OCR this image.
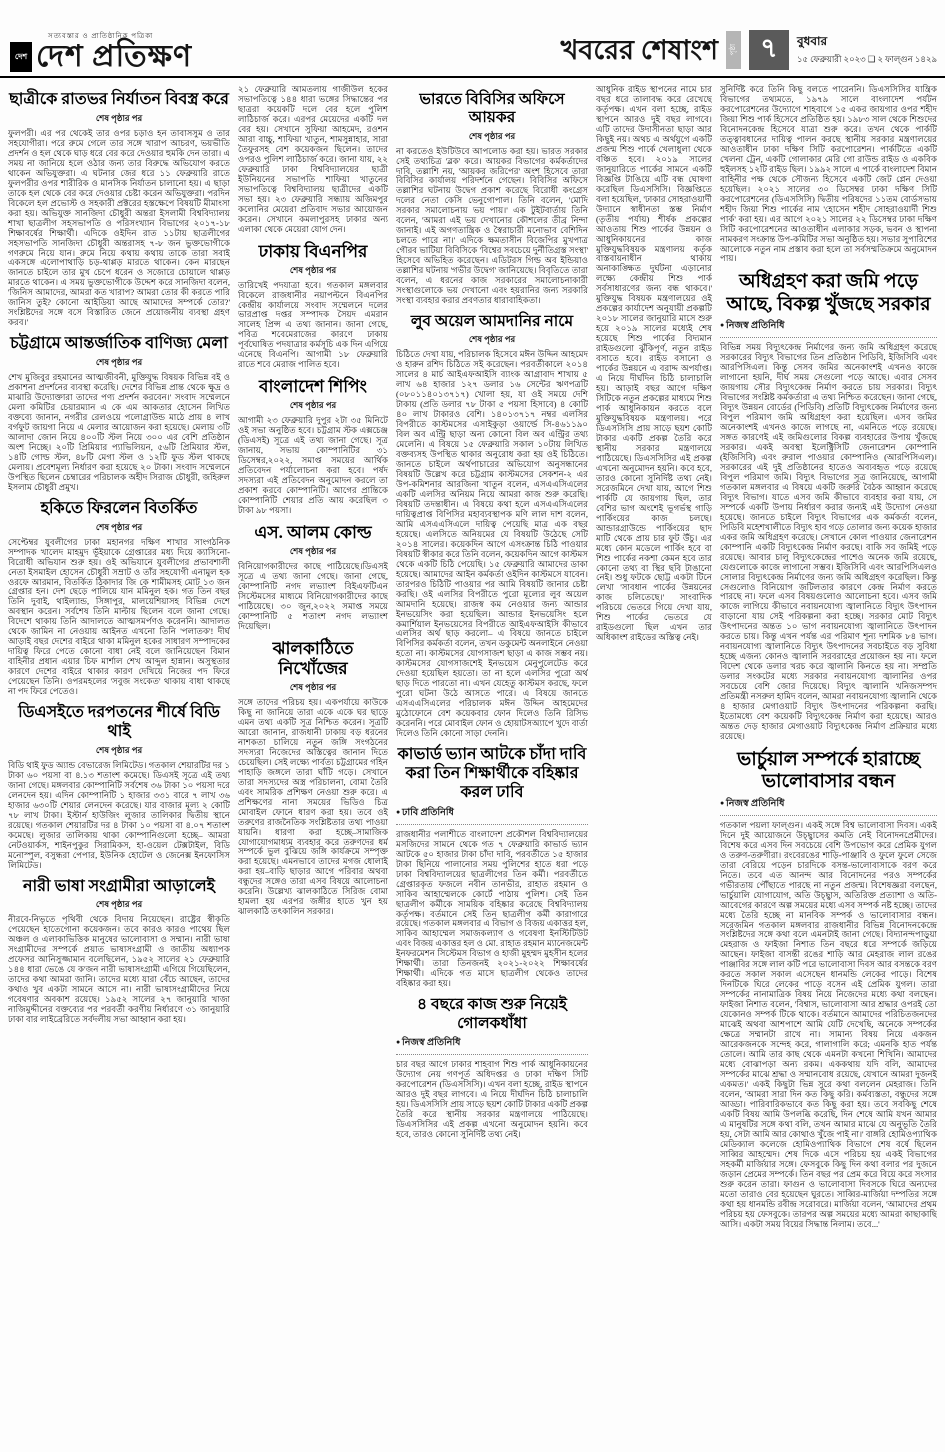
সত্যবস্তার ও প্রাতিষ্ঠানিক পত্রিকা
দেশ দেশ প্রতিক্ষণ	খবরের শেষাংশ পৃষ্ঠা ৭ বুধবার
১৫ ফেব্রুয়ারী ২০২৩ ❑ ২ ফাল্গুন ১৪২৯
ছাত্রীকে রাতভর নির্যাতন বিবস্ত্র করে
শেষ পৃষ্ঠার পর

ফুলপরী। এর পর থেকেই তার ওপর চড়াও হন তাবাসসুম ও তার সহযোগীরা। পরে রুমে গেলে তার সঙ্গে খারাপ আচরণ, ভয়ভীতি প্রদর্শন ও হল থেকে ঘাড় ধরে বের করে দেওয়ার হুমকি দেন তারা। এ সময় না জানিয়ে হলে ওঠার জন্য তার বিরুদ্ধে অভিযোগ করতে থাকেন অভিযুক্তরা। এ ঘটনার জের ধরে ১১ ফেব্রুয়ারি রাতে ফুলপরীর ওপর শারীরিক ও মানসিক নির্যাতন চালানো হয়। এ ছাড়া তাকে হল থেকে বের করে দেওয়ার চেষ্টা করেন অভিযুক্তরা। পরদিন বিকেলে হল প্রভোস্ট ও সহকারী প্রক্টরের হস্তক্ষেপে বিষয়টি মীমাংসা করা হয়। অভিযুক্ত সানজিদা চৌধুরী অন্তরা ইসলামী বিশ্ববিদ্যালয় শাখা ছাত্রলীগ সহসভাপতি ও পরিসংখ্যান বিভাগের ২০১৭-১৮ শিক্ষাবর্ষের শিক্ষার্থী। এদিকে ওইদিন রাত ১১টায় ছাত্রলীগের সহসভাপতি সানজিদা চৌধুরী অন্তরাসহ ৭-৮ জন ভুক্তভোগীকে গণরুমে নিয়ে যান। রুমে নিয়ে কথায় কথায় তাকে তারা সবাই একসঙ্গে এলোপাথাড়ি চড়-থাপ্পড় মারতে থাকেন। কেন মারছেন জানতে চাইলে তার মুখ চেপে ধরেন ও সজোরে চোয়ালে থাপ্পড় মারতে থাকেন। এ সময় ভুক্তভোগীকে উদ্দেশ করে সানজিদা বলেন, 'জিনিস আমাদের, আমরা কত খারাপ? আমরা তোর কী করতে পারি জানিস তুই? কোনো আইডিয়া আছে আমাদের সম্পর্কে তোর?' সংশ্লিষ্টদের সঙ্গে বসে বিস্তারিত জেনে প্রয়োজনীয় ব্যবস্থা গ্রহণ করব।'

চট্টগ্রামে আন্তর্জাতিক বাণিজ্য মেলা
শেষ পৃষ্ঠার পর

শেখ মুজিবুর রহমানের আত্মজীবনী, মুক্তিযুদ্ধ বিষয়ক বিভিন্ন বই ও প্রকাশনা প্রদর্শনের ব্যবস্থা করেছি। দেশের বিভিন্ন প্রান্ত থেকে ক্ষুদ্র ও মাঝারি উদ্যোক্তারা তাদের পণ্য প্রদর্শন করবেন।' সংবাদ সম্মেলনে মেলা কমিটির চেয়ারম্যান এ কে এম আকতার হোসেন লিখিত বক্তব্যে জানান, নগরীর রেলওয়ে পলোগ্রাউন্ড মাঠে প্রায় ৪ লাখ বর্গফুট জায়গা নিয়ে এ মেলার আয়োজন করা হয়েছে। মেলায় ৩টি আলাদা জোন নিয়ে ৪০০টি স্টল নিয়ে ৩০০ এর বেশি প্রতিষ্ঠান অংশ নিচ্ছে। ২০টি প্রিমিয়ার প্যাভিলিয়ন, ৫৬টি প্রিমিয়ার স্টল, ১৪টি গোল্ড স্টল, ৪৮টি মেগা স্টল ও ১২টি ফুড স্টল থাকছে মেলায়। প্রবেশমূল্য নির্ধারণ করা হয়েছে ২০ টাকা। সংবাদ সম্মেলনে উপস্থিত ছিলেন চেম্বারের পরিচালক অহীদ সিরাজ চৌধুরী, জহিরুল ইসলাম চৌধুরী প্রমুখ।

হকিতে ফিরলেন বিতর্কিত
শেষ পৃষ্ঠার পর

সেপ্টেম্বর যুবলীগের ঢাকা মহানগর দক্ষিণ শাখার সাংগঠনিক সম্পাদক খালেদ মাহমুদ ভূঁইয়াকে গ্রেপ্তারের মধ্য দিয়ে ক্যাসিনো-বিরোধী অভিযান শুরু হয়। ওই অভিযানে যুবলীগের প্রভাবশালী নেতা ইসমাইল হোসেন চৌধুরী সম্রাট ও তাঁর সহযোগী এনামুল হক ওরফে আরমান, বিতর্কিত ঠিকাদার জি কে শামীমসহ মোট ১৩ জন গ্রেপ্তার হন। দেশ ছেড়ে পালিয়ে যান মমিনুল হক। গত তিন বছর তিনি দুবাই, থাইল্যান্ড, সিঙ্গাপুর, মালয়েশিয়াসহ বিভিন্ন দেশে অবস্থান করেন। সর্বশেষ তিনি মাল্টায় ছিলেন বলে জানা গেছে। বিদেশে থাকায় তিনি আদালতে আত্মসমর্পণও করেননি। আদালত থেকে জামিন না নেওয়ায় আইনত এখনো তিনি 'পলাতক'! দীর্ঘ আড়াই বছর দেশের বাইরে থাকা মমিনুল হকের সাধারণ সম্পাদকের দায়িত্ব ফিরে পেতে কোনো বাধা নেই বলে জানিয়েছেন বিমান বাহিনীর প্রধান এয়ার চিফ মার্শাল শেখ আব্দুল হান্নান। অসুস্থতার কারণে দেশের বাইরে থাকার কারণ দেখিয়ে নিজের পদ ফিরে পেয়েছেন তিনি। ওপরমহলের 'সবুজ সংকেত' থাকায় বাধা থাকছে না পদ ফিরে পেতেও।

ডিএসইতে দরপতনের শীর্ষে বিডি থাই
শেষ পৃষ্ঠার পর

বিডি থাই ফুড অ্যান্ড বেভারেজ লিমিটেড। গতকাল শেয়ারটির দর ১ টাকা ৬০ পয়সা বা ৪.১৩ শতাংশ কমেছে। ডিএসই সূত্রে এই তথ্য জানা গেছে। মঙ্গলবার কোম্পানিটি সর্বশেষ ৩৬ টাকা ১০ পয়সা দরে লেনদেন হয়। এদিন কোম্পানিটি ১ হাজার ৩৩১ বারে ৭ লাখ ৩৬ হাজার ৬৩০টি শেয়ার লেনদেন করেছে। যার বাজার মূল্য ২ কোটি ৭৮ লাখ টাকা। ইস্টার্ন হাউজিং লুজার তালিকার দ্বিতীয় স্থানে রয়েছে। গতকাল শেয়ারটির দর ৪ টাকা ১০ পয়সা বা ৪.০৭ শতাংশ কমেছে। লুজার তালিকায় থাকা কোম্পানিগুলো হচ্ছে– আমরা নেটওয়ার্কস, শাইনপুকুর সিরামিকস, হা-ওয়েল টেক্সটাইল, বিডি মনোস্পুল, বসুন্ধরা পেপার, ইউনিক হোটেল ও জেনেক্স ইনফোসিস লিমিটেড।

নারী ভাষা সংগ্রামীরা আড়ালেই
শেষ পৃষ্ঠার পর

নীরবে-নিভৃতে পৃথিবী থেকে বিদায় নিয়েছেন। রাষ্ট্রের স্বীকৃতি পেয়েছেন হাতেগোনা কয়েকজন। তবে কারও কারও পাথেয় ছিল অঞ্চল ও এলাকাভিত্তিক মানুষের ভালোবাসা ও সম্মান। নারী ভাষা সংগ্রামীদের সম্পর্কে প্রয়াত ভাষাসংগ্রামী ও জাতীয় অধ্যাপক প্রফেসর আনিসুজ্জামান বলেছিলেন, ১৯৫২ সালের ২১ ফেব্রুয়ারি ১৪৪ ধারা ভেঙে যে ক'জন নারী ভাষাসংগ্রামী এগিয়ে গিয়েছিলেন, তাদের কথা আমরা জানি। তাদের মধ্যে যারা বেঁচে আছেন, তাদের কথাও খুব একটা সামনে আসে না। নারী ভাষাসংগ্রামীদের নিয়ে গবেষণার অবকাশ রয়েছে। ১৯৫২ সালের ২৭ জানুয়ারি খাজা নাজিমুদ্দীনের বক্তব্যের পর পরবর্তী করণীয় নির্ধারণে ৩১ জানুয়ারি ঢাকা বার লাইব্রেরিতে সর্বদলীয় সভা আহ্বান করা হয়।

২১ ফেব্রুয়ারি আমতলায় গাজীউল হকের সভাপতিত্বে ১৪৪ ধারা ভঙ্গের সিদ্ধান্তের পর ছাত্ররা কয়েকটি দলে বের হলে পুলিশ লাঠিচার্জ করে। এরপর মেয়েদের একটি দল বের হয়। সেখানে সুফিয়া আহমেদ, রওশন আরা বাচ্চু, শাফিয়া খাতুন, শামসুন্নাহার, সারা তৈফুরসহ বেশ কয়েকজন ছিলেন। তাদের ওপরও পুলিশ লাঠিচার্জ করে। জানা যায়, ২২ ফেব্রুয়ারি ঢাকা বিশ্ববিদ্যালয়ের ছাত্রী ইউনিয়নের সভাপতি শাফিয়া খাতুনের সভাপতিত্বে বিশ্ববিদ্যালয় ছাত্রীদের একটি সভা হয়। ২৩ ফেব্রুয়ারি সন্ধ্যায় অজিমপুর কলোনির মেয়েরা প্রতিবাদ সভার আয়োজন করেন। সেখানে কমলাপুরসহ ঢাকার অন্য এলাকা থেকে মেয়েরা যোগ দেন।

ঢাকায় বিএনপির
শেষ পৃষ্ঠার পর

তারিখেই পদযাত্রা হবে। গতকাল মঙ্গলবার বিকেলে রাজধানীর নয়াপল্টনে বিএনপির কেন্দ্রীয় কার্যালয়ে সংবাদ সম্মেলনে দলের ভারপ্রাপ্ত দপ্তর সম্পাদক সৈয়দ এমরান সালেহ প্রিন্স এ তথ্য জানান। জানা গেছে, পবিত্র শবেমেরাজের কারণে ঢাকায় পূর্বঘোষিত পদযাত্রার কর্মসূচি এক দিন এগিয়ে এনেছে বিএনপি। আগামী ১৮ ফেব্রুয়ারি রাতে শবে মেরাজ পালিত হবে।

বাংলাদেশ শিপিং
শেষ পৃষ্ঠার পর

আগামী ২৩ ফেব্রুয়ারি দুপুর ২টা ৩৫ মিনিটে ওই সভা অনুষ্ঠিত হবে। চট্টগ্রাম স্টক এক্সচেঞ্জ (ডিএসই) সূত্রে এই তথ্য জানা গেছে। সূত্র জানায়, সভায় কোম্পানিটির ৩১ ডিসেম্বর,২০২২, সমাপ্ত সময়ের আর্থিক প্রতিবেদন পর্যালোচনা করা হবে। পর্ষদ সদস্যরা এই প্রতিবেদন অনুমোদন করলে তা প্রকাশ করবে কোম্পানিটি। আগের প্রান্তিকে কোম্পানিটি শেয়ার প্রতি আয় করেছিল ৩ টাকা ৯৮ পয়সা।

এস. আলম কোল্ড
শেষ পৃষ্ঠার পর

বিনিয়োগকারীদের কাছে পাঠিয়েছে।ডিএসই সূত্রে এ তথ্য জানা গেছে। জানা গেছে, কোম্পানিটি নগদ লভ্যাংশ বিইএফটিএন সিস্টেমসের মাধ্যমে বিনিয়োগকারীদের কাছে পাঠিয়েছে। ৩০ জুন,২০২২ সমাপ্ত সময়ে কোম্পানিটি ৫ শতাংশ নগদ লভ্যাংশ দিয়েছিল।

ঝালকাঠিতে নিখোঁজের
শেষ পৃষ্ঠার পর

সঙ্গে তাদের পরিচয় হয়। একপর্যায়ে কাউকে কিছু না জানিয়ে তারা একে একে ঘর ছাড়ে এমন তথ্য একটি সূত্র নিশ্চিত করেন। সূত্রটি আরো জানান, রাজধানী ঢাকায় বড় ধরনের নাশকতা চালিয়ে নতুন জঙ্গি সংগঠনের সদস্যরা নিজেদের অস্তিত্বের জানান দিতে চেয়েছিল। সেই লক্ষ্যে পার্বত্য চট্টগ্রামের গহিন পাহাড়ি জঙ্গলে তারা ঘাঁটি গড়ে। সেখানে তারা সদস্যদের অস্ত্র পরিচালনা, বোমা তৈরি এবং সামরিক প্রশিক্ষণ নেওয়া শুরু করে। এ প্রশিক্ষণের নানা সময়ের ভিডিও চিত্র মোবাইল ফোনে ধারণ করা হয়। তবে ওই তরুণের রাজনৈতিক সংশ্লিষ্টতার তথ্য পাওয়া যায়নি। ধারণা করা হচ্ছে–সামাজিক যোগাযোগমাধ্যম ব্যবহার করে তরুণদের ধর্ম সম্পর্কে ভুল বুঝিয়ে জঙ্গি কার্যক্রমে সম্পৃক্ত করা হয়েছে। এমনভাবে তাদের মগজ ধোলাই করা হয়–বাড়ি ছাড়ার আগে পরিবার অথবা বন্ধুদের সঙ্গেও তারা এসব বিষয়ে আলোচনা করেনি। উল্লেখ্য ঝালকাঠিতে সিরিজ বোমা হামলা হয় এরপর জঙ্গীর হাতে খুন হয় ঝালকাঠি তৎকালিন সরকার।

ভারতে বিবিসির অফিসে আয়কর
শেষ পৃষ্ঠার পর

না করতেও ইউটিউবে আপলোড করা হয়। ভারত সরকার সেই তথ্যচিত্র 'ব্লক' করে। আয়কর বিভাগের কর্মকর্তাদের দাবি, তল্লাশি নয়, 'আয়কর জরিপের' অংশ হিসেবে তারা বিবিসির কার্যালয় পরিদর্শনে গেছেন। বিবিসির অফিসে তল্লাশির ঘটনায় উদ্বেগ প্রকাশ করেছে বিরোধী কংগ্রেস দলের নেতা কেসি ভেনুগোপাল। তিনি বলেন, 'মোদি সরকার সমালোচনায় ভয় পায়।' এক টুইটবার্তায় তিনি বলেন, 'আমরা এই ভয় দেখানোর কৌশলের তীব্র নিন্দা জানাই। এই অগণতান্ত্রিক ও স্বৈরাচারী মনোভাব বেশিদিন চলতে পারে না।' এদিকে ক্ষমতাসীন বিজেপির মুখপাত্র গৌরব ভাটিয়া বিবিসিকে 'বিশ্বের সবচেয়ে দুর্নীতিগ্রস্ত সংস্থা' হিসেবে অভিহিত করেছেন। এডিটরস গিল্ড অব ইন্ডিয়াও তল্লাশির ঘটনায় 'গভীর উদ্বেগ' জানিয়েছে। বিবৃতিতে তারা বলেন, এ ধরনের কাজ সরকারের সমালোচনাকারী সংস্থাগুলোকে ভয় দেখানো এবং হয়রানির জন্য সরকারি সংস্থা ব্যবহার করার প্রবণতার ধারাবাহিকতা।

লুব অয়েল আমদানির নামে
শেষ পৃষ্ঠার পর

চিঠিতে দেখা যায়, পরিচালক হিসেবে মঈন উদ্দিন আহমেদ ও হারুন রশিদ চিঠিতে সই করেছেন। পরবর্তীকালে ২০১৪ সালের ৪ মার্চ আইএফআইসি ব্যাংক আগ্রাবাদ শাখায় ৫ লাখ ৬৪ হাজার ১২৭ ডলার ১৬ সেন্টের ঋণপত্রটি (০৮০১১৪০১৩৭১৭) খোলা হয়, যা ওই সময়ে দেশি টাকায় (প্রতি ডলার ৭৮ টাকা ৫ পয়সা হিসাবে) ৪ কোটি ৪০ লাখ টাকারও বেশি। ১৪০১৩৭১৭ নম্বর এলসির বিপরীতে কাস্টমসের এসাইকুড়া ওয়ার্ল্ডে সি-৪৬১১৯০ বিল অব এন্ট্রি ছাড়া অন্য কোনো বিল অব এন্ট্রির তথ্য মেলেনি। এ বিষয়ে ১৫ ফেব্রুয়ারি সকাল ১০টায় লিখিত বক্তব্যসহ উপস্থিত থাকার অনুরোধ করা হয় ওই চিঠিতে। জানতে চাইলে অর্থপাচারের অভিযোগ অনুসন্ধানের বিষয়টি উল্লেখ করে চট্টগ্রাম কাস্টমসের সেকশন-২ এর উপ-কমিশনার আরজিনা খাতুন বলেন, এসএএসিএলের একটি এলসির অনিয়ম নিয়ে আমরা কাজ শুরু করেছি। বিষয়টি তদন্তাধীন। এ বিষয়ে কথা হলে এসএএসিএলের দায়িত্বপ্রাপ্ত বিপিসির মহাব্যবস্থাপক মণি লাল দাশ বলেন, আমি এসএএসিএলে দায়িত্ব পেয়েছি মাত্র এক বছর হয়েছে। এলসিতে অনিয়মের যে বিষয়টি উঠেছে সেটি ২০১৪ সালের। কয়েকদিন আগে এসংক্রান্ত চিঠি পাওয়ার বিষয়টি স্বীকার করে তিনি বলেন, কয়েকদিন আগে কাস্টমস থেকে একটি চিঠি পেয়েছি। ১৫ ফেব্রুয়ারি আমাদের ডাকা হয়েছে। আমাদের আইন কর্মকর্তা ওইদিন কাস্টমসে যাবেন। তারপরও চিঠিটি পাওয়ার পর আমি বিষয়টি জানার চেষ্টা করছি। ওই এলসির বিপরীতে পুরো মূল্যের লুব অয়েল আমদানি হয়েছে। রাজস্ব কম নেওয়ার জন্য আন্ডার ইনভয়েসিং করা হয়েছিল। আন্ডার ইনভয়েসিং হলে কমার্শিয়াল ইনভয়েসের বিপরীতে আইএফআইসি কীভাবে এলসির অর্থ ছাড় করলো– এ বিষয়ে জানতে চাইলে বিপিসির কর্মকর্তা বলেন, তখন ডকুমেন্ট অনলাইনে নেওয়া হতো না। কাস্টমসের যোগসাজশ ছাড়া এ কাজ সম্ভব নয়। কাস্টমসের যোগসাজশেই ইনভয়েস মেনুপুলেটেড করে দেওয়া হয়েছিল হয়তো। তা না হলে এলসির পুরো অর্থ ছাড় দিতে পারতো না। এখন যেহেতু কাস্টমস করছে, ফলে পুরো ঘটনা উঠে আসতে পারে। এ বিষয়ে জানতে এসএএসিএলের পরিচালক মঈন উদ্দিন আহমেদের মুঠোফোনে বেশ কয়েকবার ফোন দিলেও তিনি রিসিভ করেননি। পরে মোবাইল ফোন ও হোয়াটসঅ্যাপে খুদে বার্তা দিলেও তিনি কোনো সাড়া দেননি।

কাভার্ড ভ্যান আটকে চাঁদা দাবি করা তিন শিক্ষার্থীকে বহিষ্কার করল ঢাবি
● ঢাবি প্রতিনিধি

রাজধানীর পলাশীতে বাংলাদেশ প্রকৌশল বিশ্ববিদ্যালয়ের মসজিদের সামনে থেকে গত ৭ ফেব্রুয়ারি কাভার্ড ভ্যান আটকে ৫০ হাজার টাকা চাঁদা দাবি, পরবর্তীতে ১৫ হাজার টাকা ছিনিয়ে পালানোর সময় পুলিশের হাতে ধরা পড়ে ঢাকা বিশ্ববিদ্যালয়ের ছাত্রলীগের তিন কর্মী। পরবর্তীতে গ্রেপ্তারকৃত ফজলে নবীন তানভীর, রাহাত রহমান ও সাকিব আহাম্মেলকে কোর্টে পাঠায় পুলিশ। সেই তিন ছাত্রলীগ কর্মীকে সাময়িক বহিষ্কার করেছে বিশ্ববিদ্যালয় কর্তৃপক্ষ। বর্তমানে সেই তিন ছাত্রলীগ কর্মী কারাগারে রয়েছে। গতকাল মঙ্গলবার এ বিভাগ ও বিজয় একাত্তর হল, সাকিব আহাম্মেল সমাজকল্যাণ ও গবেষণা ইনস্টিটিউট এবং বিজয় একাত্তর হল ও মো. রাহাত রহমান ম্যানেজমেন্ট ইনফরমেশন সিস্টেমস বিভাগ ও হাজী মুহম্মদ মুহসীন হলের শিক্ষার্থী। তারা তিনজনই ২০২১-২০২২ শিক্ষাবর্ষের শিক্ষার্থী। এদিকে গত মাসে ছাত্রলীগ থেকেও তাদের বহিষ্কার করা হয়।

৪ বছরে কাজ শুরু নিয়েই গোলকধাঁধা
● নিজস্ব প্রতিনিধি

চার বছর আগে ঢাকার শাহবাগ শিশু পার্ক আধুনিকায়নের উদ্যোগ নেয় গণপূর্ত অধিদপ্তর ও ঢাকা দক্ষিণ সিটি করপোরেশন (ডিএসসিসি)। এখন বলা হচ্ছে, রাইড স্থাপনে আরও দুই বছর লাগবে। এ নিয়ে দীর্ঘদিন চিঠি চালাচালি হয়। ডিএসসিসি প্রায় সাড়ে ছয়শ কোটি টাকার একটি প্রকল্প তৈরি করে স্থানীয় সরকার মন্ত্রণালয়ে পাঠিয়েছে। ডিএসসিসির এই প্রকল্প এখনো অনুমোদন হয়নি। কবে হবে, তারও কোনো সুনির্দিষ্ট তথ্য নেই।

আধুনিক রাইড স্থাপনের নামে চার বছর ধরে তালাবদ্ধ করে রেখেছে কর্তৃপক্ষ। এখন বলা হচ্ছে, রাইড স্থাপনে আরও দুই বছর লাগবে। এটি তাদের উদাসীনতা ছাড়া আর কিছুই নয়। অথচ এ অর্থযুগে একটি প্রজন্ম শিশু পার্কে খেলাধুলা থেকে বঞ্চিত হবে। ২০১৯ সালের জানুয়ারিতে পার্কের সামনে একটি বিজ্ঞপ্তি টাঙিয়ে এটি বন্ধ ঘোষণা করেছিল ডিএসসিসি। বিজ্ঞপ্তিতে বলা হয়েছিল, 'ঢাকার সোহরাওয়ার্দী উদ্যানে স্বাধীনতা স্তম্ভ নির্মাণ (তৃতীয় পর্যায়) শীর্ষক প্রকল্পের আওতায় শিশু পার্কের উন্নয়ন ও আধুনিকায়নের কাজ মুক্তিযুদ্ধবিষয়ক মন্ত্রণালয় কর্তৃক বাস্তবায়নাধীন থাকায় অনাকাঙ্ক্ষিত দুর্ঘটনা এড়ানোর লক্ষ্যে কেন্দ্রীয় শিশু পার্ক সর্বসাধারণের জন্য বন্ধ থাকবে।' মুক্তিযুদ্ধ বিষয়ক মন্ত্রণালয়ের ওই প্রকল্পের কার্যাদেশ অনুযায়ী প্রকল্পটি ২০১৮ সালের জানুয়ারি মাসে শুরু হয়ে ২০১৯ সালের মধ্যেই শেষ হয়েছে শিশু পার্কের বিদ্যমান রাইডগুলো ঝুঁকিপূর্ণ, নতুন রাইড বসাতে হবে। রাইড বসানো ও পার্কের উন্নয়নে এ বরাদ্দ অপর্যাপ্ত। এ নিয়ে দীর্ঘদিন চিঠি চালাচালি হয়। আড়াই বছর আগে দক্ষিণ সিটিকে নতুন প্রকল্পের মাধ্যমে শিশু পার্ক আধুনিকায়ন করতে বলে মুক্তিযুদ্ধবিষয়ক মন্ত্রণালয়। পরে ডিএসসিসি প্রায় সাড়ে ছয়শ কোটি টাকার একটি প্রকল্প তৈরি করে স্থানীয় সরকার মন্ত্রণালয়ে পাঠিয়েছে। ডিএসসিসির এই প্রকল্প এখনো অনুমোদন হয়নি। কবে হবে, তারও কোনো সুনির্দিষ্ট তথ্য নেই। সরেজমিনে দেখা যায়, আগে শিশু পার্কটি যে জায়গায় ছিল, তার বেশির ভাগ অংশেই ভূগর্ভস্থ গাড়ি পার্কিংয়ের কাজ চলছে। আন্ডারগ্রাউন্ডে পার্কিংয়ের ছাদ মাটি থেকে প্রায় চার ফুট উঁচু। এর মধ্যে কোন মডেলে পার্কিং হবে বা শিশু পার্কের নকশা কেমন হবে তার কোনো তথ্য বা স্থির ছবি টাঙানো নেই। শুধু ফটকে ছোট্ট একটা টিনে লেখা 'সাবধান পার্কের উন্নয়নের কাজ চলিতেছে।' সাংবাদিক পরিচয়ে ভেতরে গিয়ে দেখা যায়, শিশু পার্কের ভেতরে যে রাইডগুলো ছিল এখন তার অধিকাংশ রাইডের অস্তিত্ব নেই।

সুনির্দিষ্ট করে তিনি কিছু বলতে পারেননি। ডিএসসিসির যান্ত্রিক বিভাগের তথ্যমতে, ১৯৭৯ সালে বাংলাদেশ পর্যটন করপোরেশনের উদ্যোগে শাহবাগে ১৫ একর জায়গার ওপর শহীদ জিয়া শিশু পার্ক হিসেবে প্রতিষ্ঠিত হয়। ১৯৮৩ সাল থেকে শিশুদের বিনোদনকেন্দ্র হিসেবে যাত্রা শুরু করে। তখন থেকে পার্কটি তত্ত্বাবধানের দায়িত্ব পালন করছে স্থানীয় সরকার মন্ত্রণালয়ের আওতাধীন ঢাকা দক্ষিণ সিটি করপোরেশন। পার্কটিতে একটি খেলনা ট্রেন, একটি গোলাকার মেরি গো রাউন্ড রাইড ও একবিক হুইলসহ ১২টি রাইড ছিল। ১৯৯২ সালে এ পার্কে বাংলাদেশ বিমান বাহিনীর পক্ষ থেকে সৌজন্য হিসেবে একটি জেট প্লেন দেওয়া হয়েছিল। ২০২১ সালের ৩০ ডিসেম্বর ঢাকা দক্ষিণ সিটি করপোরেশনের (ডিএসসিসি) দ্বিতীয় পরিষদের ১১তম বোর্ডসভায় শহীদ জিয়া শিশু পার্কের নাম 'হোসেন শহীদ সোহরাওয়ার্দী শিশু পার্ক' করা হয়। এর আগে ২০২১ সালের ২২ ডিসেম্বর ঢাকা দক্ষিণ সিটি করপোরেশনের আওতাধীন এলাকার সড়ক, ভবন ও স্থাপনা নামকরণ সংক্রান্ত উপ-কমিটির সভা অনুষ্ঠিত হয়। সভার সুপারিশের আলোকে নতুন নাম প্রস্তাব করা হলে তা সর্বসম্মতিক্রমে অনুমোদন পায়।

অধিগ্রহণ করা জমি পড়ে আছে, বিকল্প খুঁজছে সরকার
● নিজস্ব প্রতিনিধি

বিভিন্ন সময় বিদ্যুৎকেন্দ্র নির্মাণের জন্য জমি অধিগ্রহণ করেছে সরকারের বিদ্যুৎ বিভাগের তিন প্রতিষ্ঠান পিডিবি, ইজিসিবি এবং আরপিসিএল। কিন্তু সেসব জমির অনেকাংশই এখনও কাজে লাগানো হয়নি, দীর্ঘ সময় সেগুলো পড়ে আছে। এবার সেসব জায়গায় সৌর বিদ্যুৎকেন্দ্র নির্মাণ করতে চায় সরকার। বিদ্যুৎ বিভাগের সংশ্লিষ্ট কর্মকর্তারা এ তথ্য নিশ্চিত করেছেন। জানা গেছে, বিদ্যুৎ উন্নয়ন বোর্ডের (পিডিবি) প্রতিটি বিদ্যুৎকেন্দ্র নির্মাণের জন্য বিপুল পরিমাণ জমি অধিগ্রহণ করা হয়েছিল। এসব জমির অনেকাংশই এখনও কাজে লাগছে না, এমনিতে পড়ে রয়েছে। সঙ্গত কারণেই এই জমিগুলোর বিকল্প ব্যবহারের উপায় খুঁজছে সরকার। একই অবস্থা ইলেক্ট্রিসিটি জেনারেশন কোম্পানি (ইজিসিবি) এবং রুরাল পাওয়ার কোম্পানিও (আরপিসিএল)। সরকারের এই দুই প্রতিষ্ঠানের হাতেও অব্যবহৃত পড়ে রয়েছে বিপুল পরিমাণ জমি। বিদ্যুৎ বিভাগের সূত্র জানিয়েছে, আগামী গতকাল মঙ্গলবার এ বিষয়ে একটি জরুরি বৈঠক আহ্বান করেছে বিদ্যুৎ বিভাগ। যাতে এসব জমি কীভাবে ব্যবহার করা যায়, সে সম্পর্কে একটি উপায় নির্ধারণ করার জন্যই এই উদ্যোগ নেওয়া হয়েছে। জানতে চাইলে বিদ্যুৎ বিভাগের এক কর্মকর্তা বলেন, পিডিবি মহেশখালীতে বিদ্যুৎ হাব গড়ে তোলার জন্য কয়েক হাজার একর জমি অধিগ্রহণ করেছে। সেখানে কোল পাওয়ার জেনারেশন কোম্পানি একটি বিদ্যুৎকেন্দ্র নির্মাণ করছে। বাকি সব জমিই পড়ে রয়েছে। আবার চালু বিদ্যুৎকেন্দ্রের পাশেও অনেক জমি রয়েছে, যেগুলোকে কাজে লাগানো সম্ভব। ইজিসিবি এবং আরপিসিএলও সোলার বিদ্যুৎকেন্দ্র নির্মাণের জন্য জমি অধিগ্রহণ করেছিল। কিন্তু সেগুলোও বিনিয়োগ জটিলতার কারণে কেন্দ্র নির্মাণ করতে পারছে না। ফলে এসব বিষয়গুলোও আলোচনা হবে। এসব জমি কাজে লাগিয়ে কীভাবে নবায়নযোগ্য জ্বালানিতে বিদ্যুৎ উৎপাদন বাড়ানো যায় সেই পরিকল্পনা করা হচ্ছে। সরকার মোট বিদ্যুৎ উৎপাদনের অন্তত ১০ ভাগ নবায়নযোগ্য জ্বালানিতে উৎপাদন করতে চায়। কিন্তু এখন পর্যন্ত এর পরিমাণ শূন্য দশমিক ৮৪ ভাগ। নবায়নযোগ্য জ্বালানিতে বিদ্যুৎ উৎপাদনের সবচাইতে বড় সুবিধা হচ্ছে এজন্য কোনও জ্বালানি সরবরাহের প্রয়োজন হয় না। ফলে বিদেশ থেকে ডলার খরচ করে জ্বালানি কিনতে হয় না। সম্প্রতি ডলার সংকটের মধ্যে সরকার নবায়নযোগ্য জ্বালানির ওপর সবচেয়ে বেশি জোর দিয়েছে। বিদ্যুৎ জ্বালানি খনিজসম্পদ প্রতিমন্ত্রী নসরুল হামিদ বলেন, আমরা নবায়নযোগ্য জ্বালানি থেকে ৪ হাজার মেগাওয়াট বিদ্যুৎ উৎপাদনের পরিকল্পনা করছি। ইতোমধ্যে বেশ কয়েকটি বিদ্যুৎকেন্দ্র নির্মাণ করা হয়েছে। আরও অন্তত দেড় হাজার মেগাওয়াট বিদ্যুৎকেন্দ্র নির্মাণ প্রক্রিয়ার মধ্যে রয়েছে।

ভার্চুয়াল সম্পর্কে হারাচ্ছে ভালোবাসার বন্ধন
● নিজস্ব প্রতিনিধি

গতকাল পয়লা ফাল্গুন। একই সঙ্গে বিশ্ব ভালোবাসা দিবস। একই দিনে দুই আয়োজনে উচ্ছ্বাসের কমতি নেই বিনোদনপ্রেমীদের। বিশেষ করে এসব দিন সবচেয়ে বেশি উপভোগ করে প্রেমিক যুগল ও তরুণ-তরুণীরা। রংবেরঙের শাড়ি-পাঞ্জাবি ও ফুলে ফুলে সেজে তারা বেরিয়ে পড়েন চারদিকে বসন্ত-ভালোবাসাকে বরণ করে নিতে। তবে এত আনন্দ আর বিনোদনের পরও সম্পর্কের গভীরতায় পৌঁছাতে পারছে না নতুন প্রজন্ম। বিশেষজ্ঞরা বলছেন, ভার্চুয়ালি যোগাযোগ, অতি উচ্ছ্বাস, অতিরিক্ত প্রত্যাশা ও অতি-আবেগের কারণে অল্প সময়ের মধ্যে এসব সম্পর্ক নষ্ট হচ্ছে। তাদের মধ্যে তৈরি হচ্ছে না মানবিক সম্পর্ক ও ভালোবাসার বন্ধন। সরেজমিন গতকাল মঙ্গলবার রাজধানীর বিভিন্ন বিনোদনকেন্দ্রে সংশ্লিষ্টদের সঙ্গে কথা বলে এমনটাই জানা গেছে। বিদ্যানন্দপাড়ুয়া মেহরাজ ও ফাইজা নিশাত তিন বছরে ধরে সম্পর্কে জড়িয়ে আছেন। ফাইজা বাসন্তী রঙের শাড়ি আর মেহরাজ লাল রঙের পাঞ্জাবির সঙ্গে লাল কটি পরে ভালোবাসা দিবস আর বসন্তকে বরণ করতে সকাল সকাল এসেছেন ধানমন্ডি লেকের পাড়ে। বিশেষ দিনটিকে ঘিরে লেকের পাড়ে বসেন এই প্রেমিক যুগল। তারা সম্পর্কের নানামাত্রিক বিষয় নিয়ে নিজেদের মধ্যে কথা বলছেন। ফাইজা নিশাত বলেন, 'বিশ্বাস, ভালোবাসা আর শ্রদ্ধার ওপরই তো যেকোনও সম্পর্ক টিকে থাকে। বর্তমানে আমাদের পরিচিতজনদের মাঝেই অথবা আশপাশে আমি যেটি দেখেছি, অনেকে সম্পর্কের ক্ষেত্রে সম্মানটা রাখে না। সামান্য বিষয় নিয়ে একজন আরেকজনকে সন্দেহ করে, গালাগালি করে; এমনকি হাত পর্যন্ত তোলে। আমি তার কাছ থেকে এমনটা কখনো শিখিনি। আমাদের মধ্যে বোঝাপড়া অন্য রকম। এককথায় যদি বলি, আমাদের সম্পর্কের মাঝে শ্রদ্ধা ও সম্মানবোধ রয়েছে, যেখানে আমরা দুজনই একমত।' একই কিছুটা ভিন্ন সুরে কথা বললেন মেহরাজ। তিনি বলেন, 'আমরা সারা দিন কত কিছু করি। কর্মব্যস্ততা, বন্ধুদের সঙ্গে আড্ডা। পারিবারিকভাবে কত কিছু করা হয়। তবে সবকিছু শেষে একটি বিষয় আমি উপলব্ধি করেছি, দিন শেষে আমি যখন আমার এ মানুষটির সঙ্গে কথা বলি, তখন আমার মাঝে যে অনুভূতি তৈরি হয়, সেটা আমি আর কোথাও খুঁজে পাই না।' বাঙ্গরি হোমিওপ্যাথিক মেডিক্যাল কলেজে হোমিওপ্যাথিক বিভাগে শেষ বর্ষে ছিলেন সাব্বির আহম্মেদ। শেষ দিকে এসে পরিচয় হয় একই বিভাগের সহকর্মী মার্জিয়ার সঙ্গে। ফেসবুকে কিছু দিন কথা বলার পর দুজনে জড়ান প্রেমের সম্পর্কে। তিন বছর পর প্রেম করে বিয়ে করে সংসার শুরু করেন তারা। ফাগুন ও ভালোবাসা দিবসকে ঘিরে অন্যদের মতো তারাও বের হয়েছেন ঘুরতে। সাব্বির-মার্জিয়া দম্পতির সঙ্গে কথা হয় ধানমন্ডি রবীন্দ্র সরোবরে। মার্জিয়া বলেন, 'আমাদের প্রথম পরিচয় হয় ফেসবুকে। তারপর অল্প সময়ের মধ্যে আমরা কাছাকাছি আসি। একটা সময় বিয়ের সিদ্ধান্ত নিলাম। তবে...'
